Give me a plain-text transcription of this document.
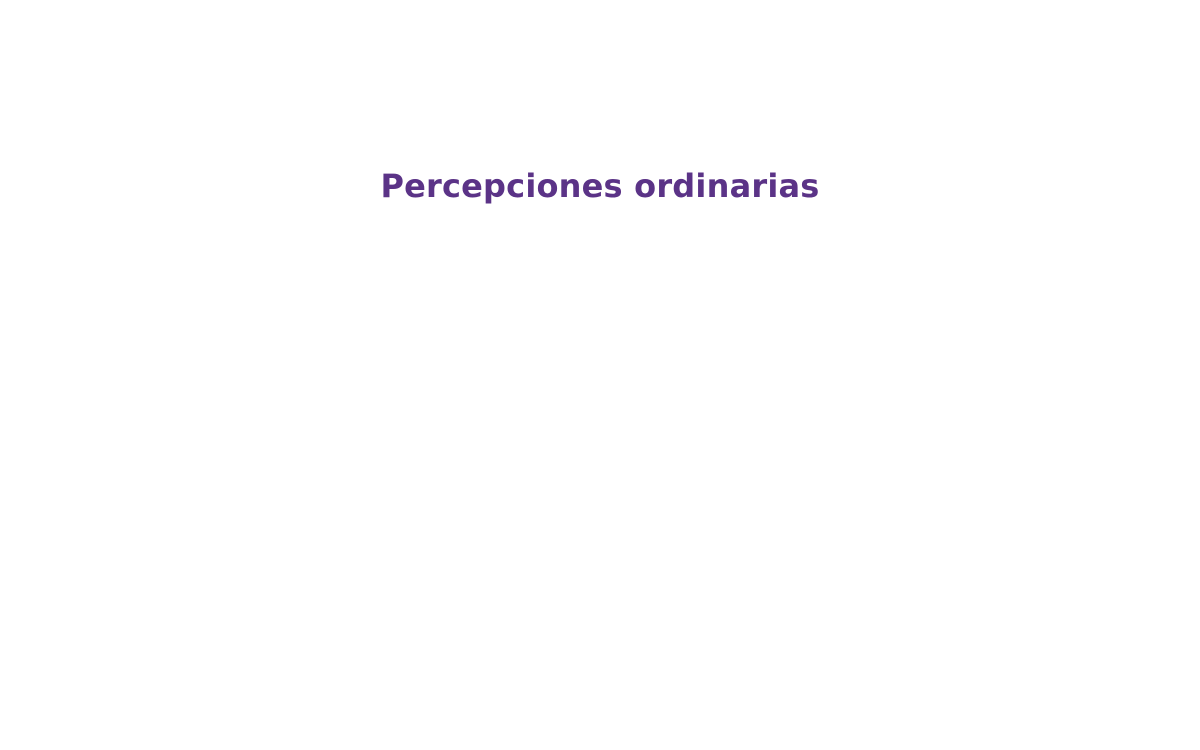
Percepciones ordinarias
